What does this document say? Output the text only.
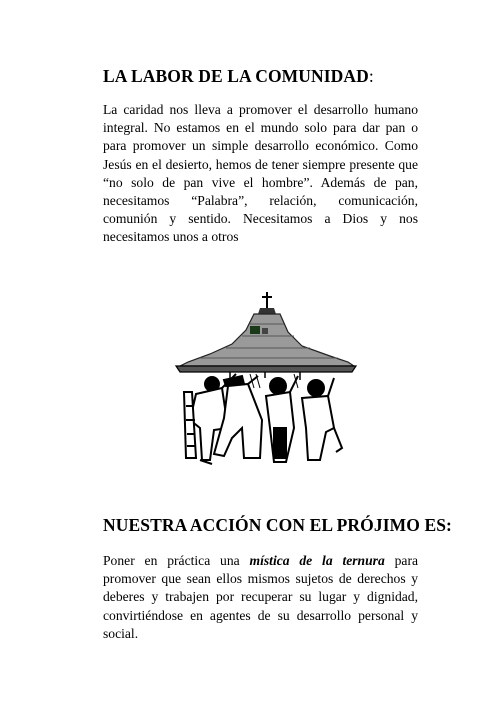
LA LABOR DE LA COMUNIDAD:
La caridad nos lleva a promover el desarrollo humano
integral. No estamos en el mundo solo para dar pan o
para promover un simple desarrollo económico. Como
Jesús en el desierto, hemos de tener siempre presente que
“no solo de pan vive el hombre”. Además de pan,
necesitamos “Palabra”, relación, comunicación,
comunión y sentido. Necesitamos a Dios y nos
necesitamos unos a otros
NUESTRA ACCIÓN CON EL PRÓJIMO ES:
Poner en práctica una mística de la ternura para
promover que sean ellos mismos sujetos de derechos y
deberes y trabajen por recuperar su lugar y dignidad,
convirtiéndose en agentes de su desarrollo personal y
social.
